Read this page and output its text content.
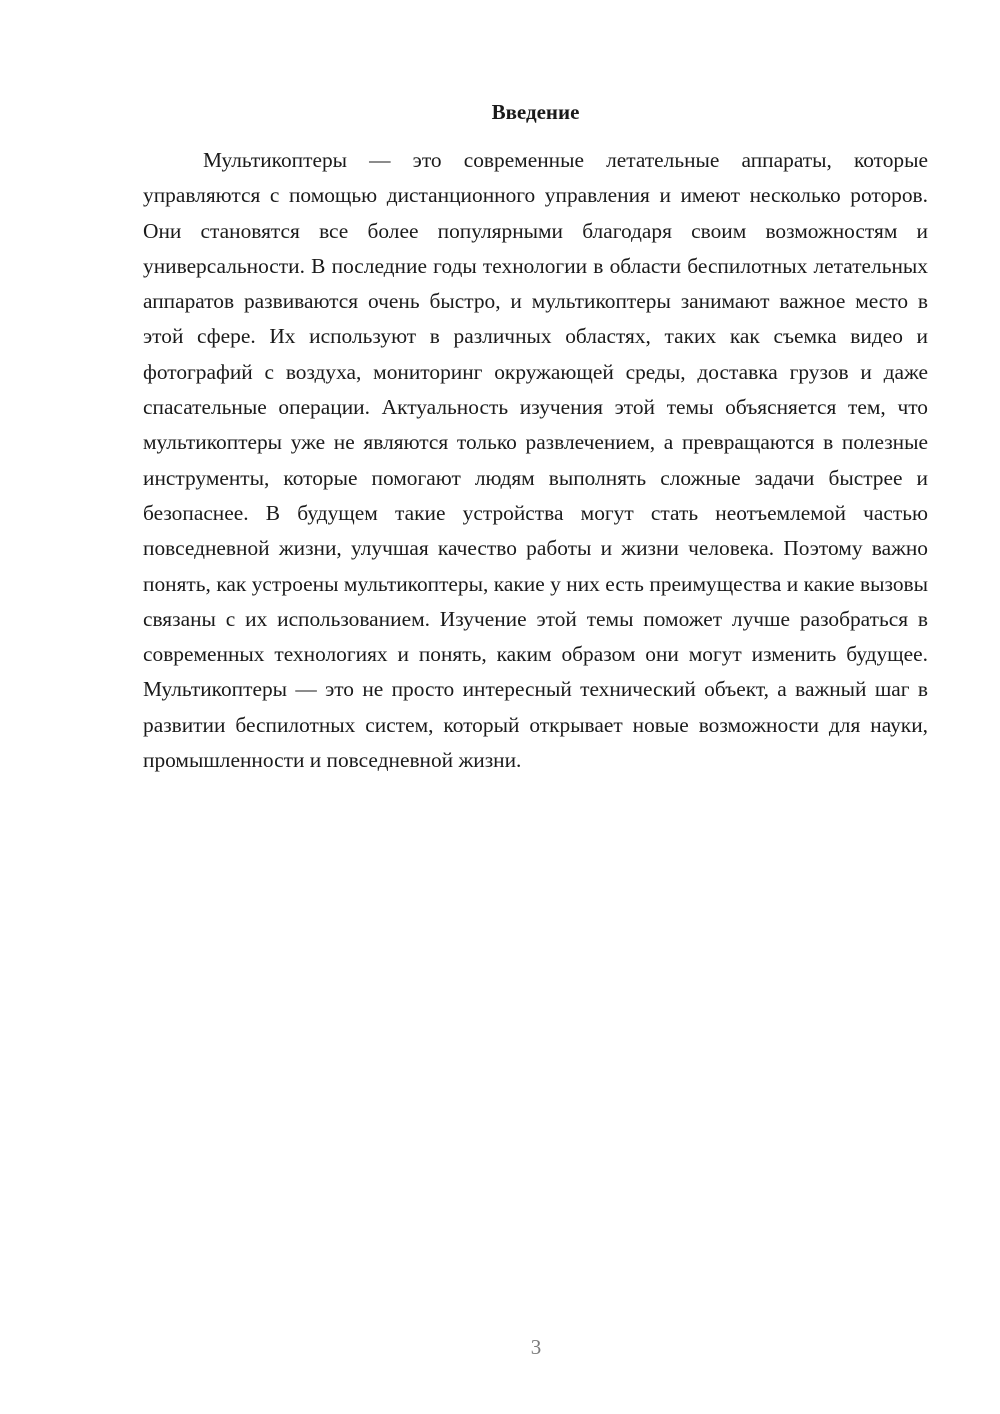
Введение

Мультикоптеры — это современные летательные аппараты, которые управляются с помощью дистанционного управления и имеют несколько роторов. Они становятся все более популярными благодаря своим возможностям и универсальности. В последние годы технологии в области беспилотных летательных аппаратов развиваются очень быстро, и мультикоптеры занимают важное место в этой сфере. Их используют в различных областях, таких как съемка видео и фотографий с воздуха, мониторинг окружающей среды, доставка грузов и даже спасательные операции. Актуальность изучения этой темы объясняется тем, что мультикоптеры уже не являются только развлечением, а превращаются в полезные инструменты, которые помогают людям выполнять сложные задачи быстрее и безопаснее. В будущем такие устройства могут стать неотъемлемой частью повседневной жизни, улучшая качество работы и жизни человека. Поэтому важно понять, как устроены мультикоптеры, какие у них есть преимущества и какие вызовы связаны с их использованием. Изучение этой темы поможет лучше разобраться в современных технологиях и понять, каким образом они могут изменить будущее. Мультикоптеры — это не просто интересный технический объект, а важный шаг в развитии беспилотных систем, который открывает новые возможности для науки, промышленности и повседневной жизни.

3
